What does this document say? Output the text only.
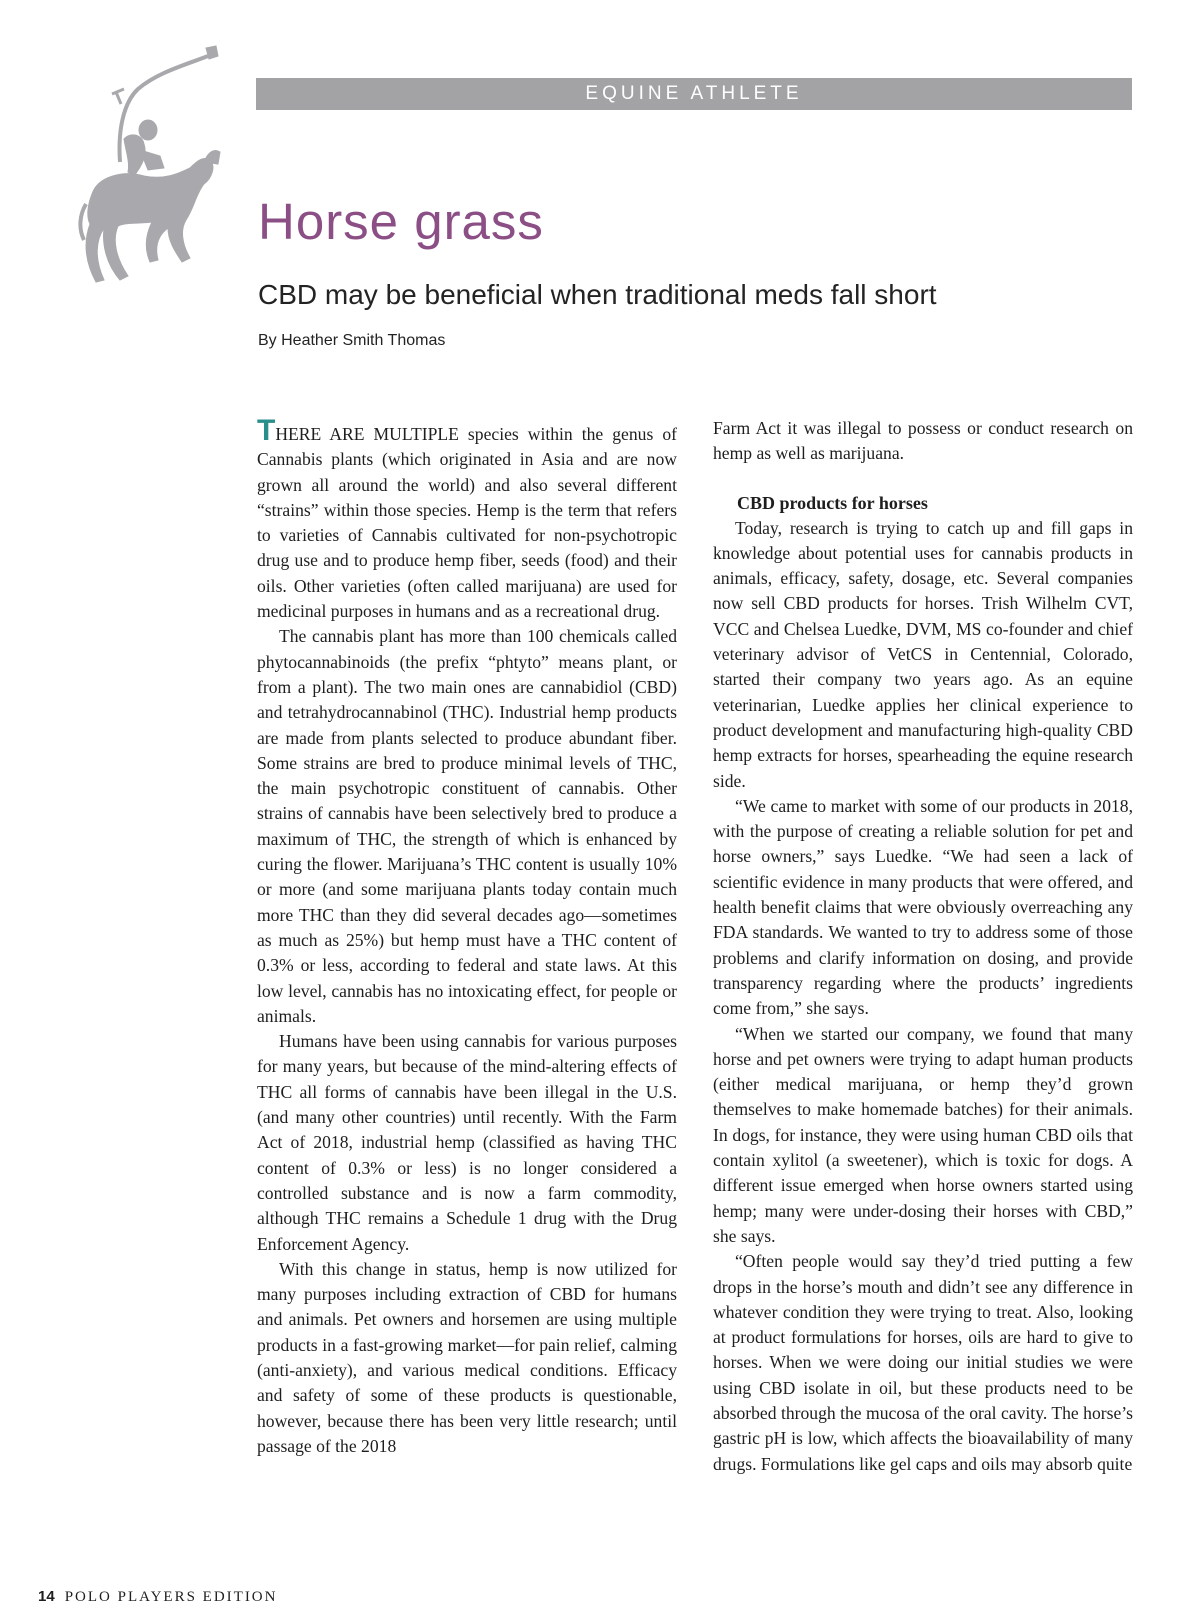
EQUINE ATHLETE
Horse grass
CBD may be beneficial when traditional meds fall short
By Heather Smith Thomas

THERE ARE MULTIPLE species within the genus of Cannabis plants (which originated in Asia and are now grown all around the world) and also several different “strains” within those species. Hemp is the term that refers to varieties of Cannabis cultivated for non-psychotropic drug use and to produce hemp fiber, seeds (food) and their oils. Other varieties (often called marijuana) are used for medicinal purposes in humans and as a recreational drug.

The cannabis plant has more than 100 chemicals called phytocannabinoids (the prefix “phtyto” means plant, or from a plant). The two main ones are cannabidiol (CBD) and tetrahydrocannabinol (THC). Industrial hemp products are made from plants selected to produce abundant fiber. Some strains are bred to produce minimal levels of THC, the main psychotropic constituent of cannabis. Other strains of cannabis have been selectively bred to produce a maximum of THC, the strength of which is enhanced by curing the flower. Marijuana’s THC content is usually 10% or more (and some marijuana plants today contain much more THC than they did several decades ago—sometimes as much as 25%) but hemp must have a THC content of 0.3% or less, according to federal and state laws. At this low level, cannabis has no intoxicating effect, for people or animals.

Humans have been using cannabis for various purposes for many years, but because of the mind-altering effects of THC all forms of cannabis have been illegal in the U.S. (and many other countries) until recently. With the Farm Act of 2018, industrial hemp (classified as having THC content of 0.3% or less) is no longer considered a controlled substance and is now a farm commodity, although THC remains a Schedule 1 drug with the Drug Enforcement Agency.

With this change in status, hemp is now utilized for many purposes including extraction of CBD for humans and animals. Pet owners and horsemen are using multiple products in a fast-growing market—for pain relief, calming (anti-anxiety), and various medical conditions. Efficacy and safety of some of these products is questionable, however, because there has been very little research; until passage of the 2018

Farm Act it was illegal to possess or conduct research on hemp as well as marijuana.

CBD products for horses

Today, research is trying to catch up and fill gaps in knowledge about potential uses for cannabis products in animals, efficacy, safety, dosage, etc. Several companies now sell CBD products for horses. Trish Wilhelm CVT, VCC and Chelsea Luedke, DVM, MS co-founder and chief veterinary advisor of VetCS in Centennial, Colorado, started their company two years ago. As an equine veterinarian, Luedke applies her clinical experience to product development and manufacturing high-quality CBD hemp extracts for horses, spearheading the equine research side.

“We came to market with some of our products in 2018, with the purpose of creating a reliable solution for pet and horse owners,” says Luedke. “We had seen a lack of scientific evidence in many products that were offered, and health benefit claims that were obviously overreaching any FDA standards. We wanted to try to address some of those problems and clarify information on dosing, and provide transparency regarding where the products’ ingredients come from,” she says.

“When we started our company, we found that many horse and pet owners were trying to adapt human products (either medical marijuana, or hemp they’d grown themselves to make homemade batches) for their animals. In dogs, for instance, they were using human CBD oils that contain xylitol (a sweetener), which is toxic for dogs. A different issue emerged when horse owners started using hemp; many were under-dosing their horses with CBD,” she says.

“Often people would say they’d tried putting a few drops in the horse’s mouth and didn’t see any difference in whatever condition they were trying to treat. Also, looking at product formulations for horses, oils are hard to give to horses. When we were doing our initial studies we were using CBD isolate in oil, but these products need to be absorbed through the mucosa of the oral cavity. The horse’s gastric pH is low, which affects the bioavailability of many drugs. Formulations like gel caps and oils may absorb quite

14 POLO PLAYERS EDITION
